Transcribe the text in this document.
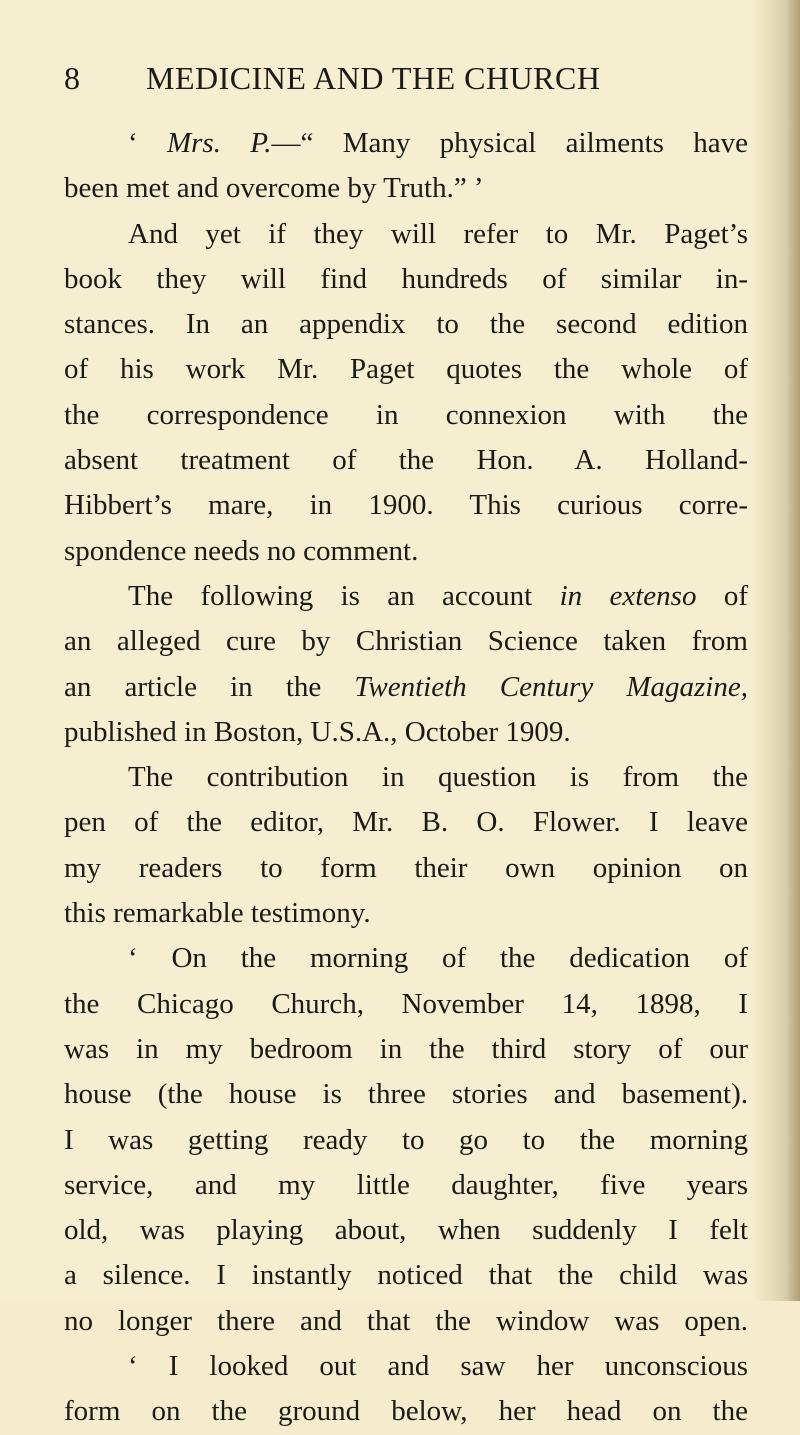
8 MEDICINE AND THE CHURCH
‘ Mrs. P.—“ Many physical ailments have
been met and overcome by Truth.” ’
And yet if they will refer to Mr. Paget’s
book they will find hundreds of similar in-
stances. In an appendix to the second edition
of his work Mr. Paget quotes the whole of
the correspondence in connexion with the
absent treatment of the Hon. A. Holland-
Hibbert’s mare, in 1900. This curious corre-
spondence needs no comment.
The following is an account in extenso of
an alleged cure by Christian Science taken from
an article in the Twentieth Century Magazine,
published in Boston, U.S.A., October 1909.
The contribution in question is from the
pen of the editor, Mr. B. O. Flower. I leave
my readers to form their own opinion on
this remarkable testimony.
‘ On the morning of the dedication of
the Chicago Church, November 14, 1898, I
was in my bedroom in the third story of our
house (the house is three stories and basement).
I was getting ready to go to the morning
service, and my little daughter, five years
old, was playing about, when suddenly I felt
a silence. I instantly noticed that the child was
no longer there and that the window was open.
‘ I looked out and saw her unconscious
form on the ground below, her head on the
